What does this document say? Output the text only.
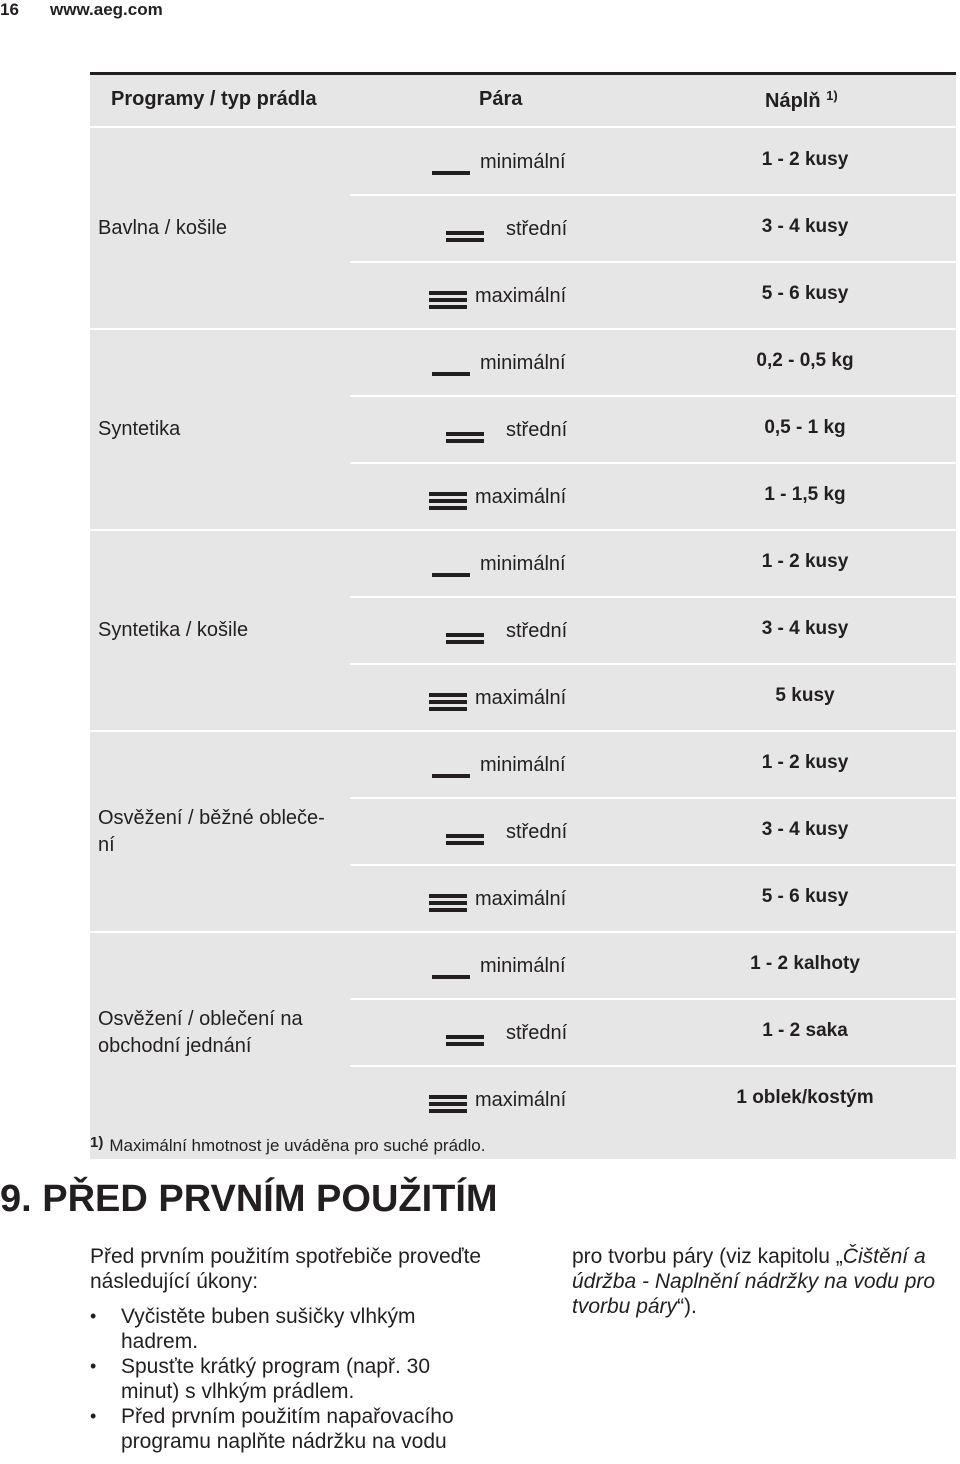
16 www.aeg.com
Programy / typ prádla	Pára	Náplň $^{1)}$
Bavlna / košile
minimální	1 - 2 kusy
střední	3 - 4 kusy
maximální	5 - 6 kusy
Syntetika
minimální	0,2 - 0,5 kg
střední	0,5 - 1 kg
maximální	1 - 1,5 kg
Syntetika / košile
minimální	1 - 2 kusy
střední	3 - 4 kusy
maximální	5 kusy
Osvěžení / běžné obleče-
ní
minimální	1 - 2 kusy
střední	3 - 4 kusy
maximální	5 - 6 kusy
Osvěžení / oblečení na
obchodní jednání
minimální	1 - 2 kalhoty
střední	1 - 2 saka
maximální	1 oblek/kostým
1) Maximální hmotnost je uváděna pro suché prádlo.
9. PŘED PRVNÍM POUŽITÍM

Před prvním použitím spotřebiče proveďte následující úkony:

• Vyčistěte buben sušičky vlhkým hadrem.
• Spusťte krátký program (např. 30 minut) s vlhkým prádlem.
• Před prvním použitím napařovacího programu naplňte nádržku na vodu

pro tvorbu páry (viz kapitolu „Čištění a údržba - Naplnění nádržky na vodu pro tvorbu páry“).
